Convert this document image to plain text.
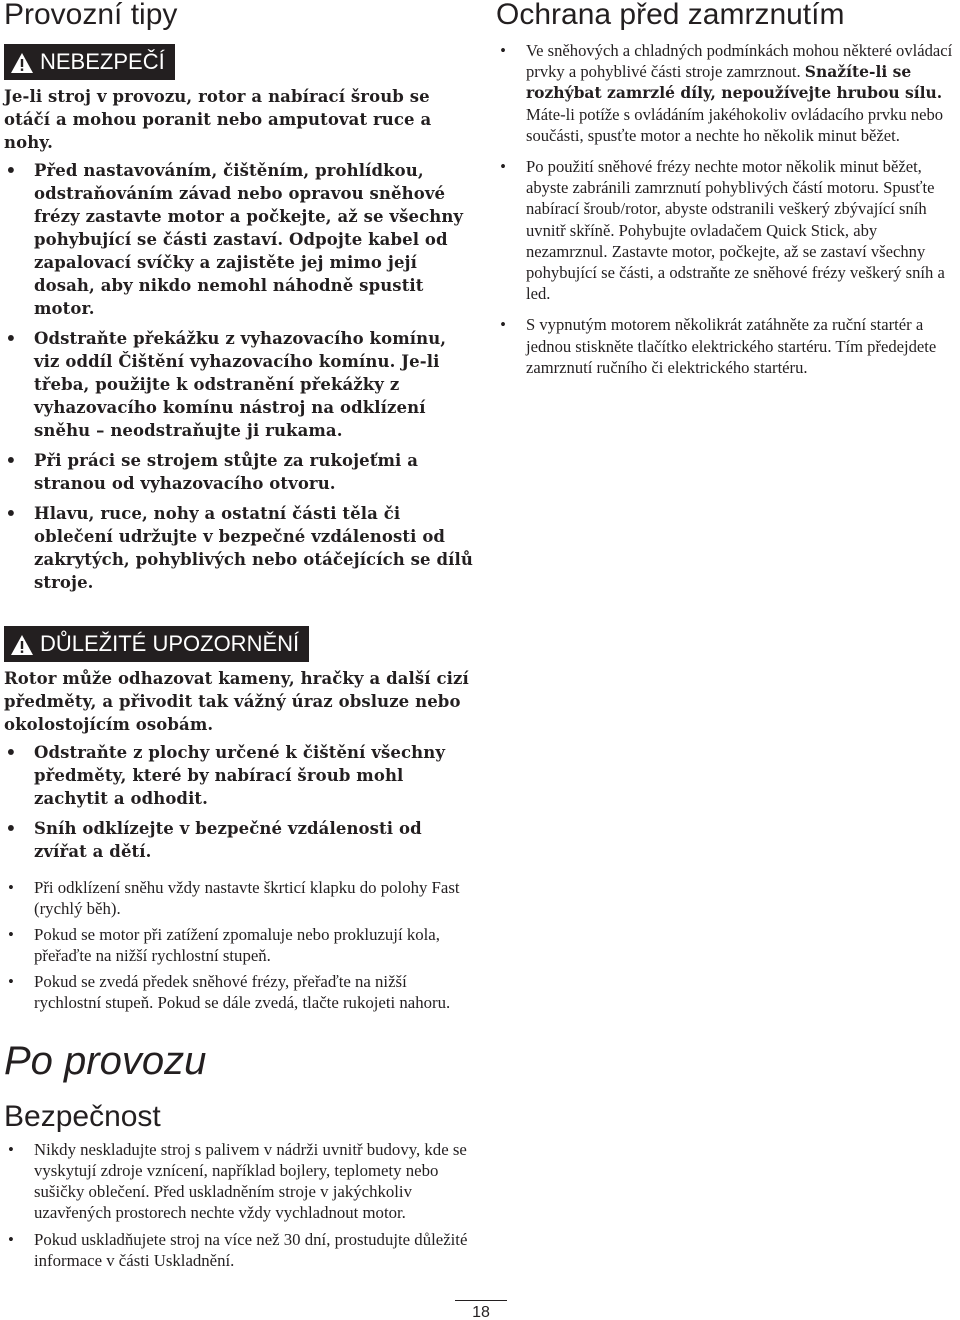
Provozní tipy
NEBEZPEČÍ

Je-li stroj v provozu, rotor a nabírací šroub se otáčí a mohou poranit nebo amputovat ruce a nohy.

• Před nastavováním, čištěním, prohlídkou, odstraňováním závad nebo opravou sněhové frézy zastavte motor a počkejte, až se všechny pohybující se části zastaví. Odpojte kabel od zapalovací svíčky a zajistěte jej mimo její dosah, aby nikdo nemohl náhodně spustit motor.
• Odstraňte překážku z vyhazovacího komínu, viz oddíl Čištění vyhazovacího komínu. Je-li třeba, použijte k odstranění překážky z vyhazovacího komínu nástroj na odklízení sněhu – neodstraňujte ji rukama.
• Při práci se strojem stůjte za rukojeťmi a stranou od vyhazovacího otvoru.
• Hlavu, ruce, nohy a ostatní části těla či oblečení udržujte v bezpečné vzdálenosti od zakrytých, pohyblivých nebo otáčejících se dílů stroje.
DŮLEŽITÉ UPOZORNĚNÍ

Rotor může odhazovat kameny, hračky a další cizí předměty, a přivodit tak vážný úraz obsluze nebo okolostojícím osobám.

• Odstraňte z plochy určené k čištění všechny předměty, které by nabírací šroub mohl zachytit a odhodit.
• Sníh odklízejte v bezpečné vzdálenosti od zvířat a dětí.
• Při odklízení sněhu vždy nastavte škrticí klapku do polohy Fast (rychlý běh).
• Pokud se motor při zatížení zpomaluje nebo prokluzují kola, přeřaďte na nižší rychlostní stupeň.
• Pokud se zvedá předek sněhové frézy, přeřaďte na nižší rychlostní stupeň. Pokud se dále zvedá, tlačte rukojeti nahoru.
Po provozu
Bezpečnost
• Nikdy neskladujte stroj s palivem v nádrži uvnitř budovy, kde se vyskytují zdroje vznícení, například bojlery, teplomety nebo sušičky oblečení. Před uskladněním stroje v jakýchkoliv uzavřených prostorech nechte vždy vychladnout motor.
• Pokud uskladňujete stroj na více než 30 dní, prostudujte důležité informace v části Uskladnění.
Ochrana před zamrznutím
• Ve sněhových a chladných podmínkách mohou některé ovládací prvky a pohyblivé části stroje zamrznout. Snažíte-li se rozhýbat zamrzlé díly, nepoužívejte hrubou sílu. Máte-li potíže s ovládáním jakéhokoliv ovládacího prvku nebo součásti, spusťte motor a nechte ho několik minut běžet.
• Po použití sněhové frézy nechte motor několik minut běžet, abyste zabránili zamrznutí pohyblivých částí motoru. Spusťte nabírací šroub/rotor, abyste odstranili veškerý zbývající sníh uvnitř skříně. Pohybujte ovladačem Quick Stick, aby nezamrznul. Zastavte motor, počkejte, až se zastaví všechny pohybující se části, a odstraňte ze sněhové frézy veškerý sníh a led.
• S vypnutým motorem několikrát zatáhněte za ruční startér a jednou stiskněte tlačítko elektrického startéru. Tím předejdete zamrznutí ručního či elektrického startéru.
18
